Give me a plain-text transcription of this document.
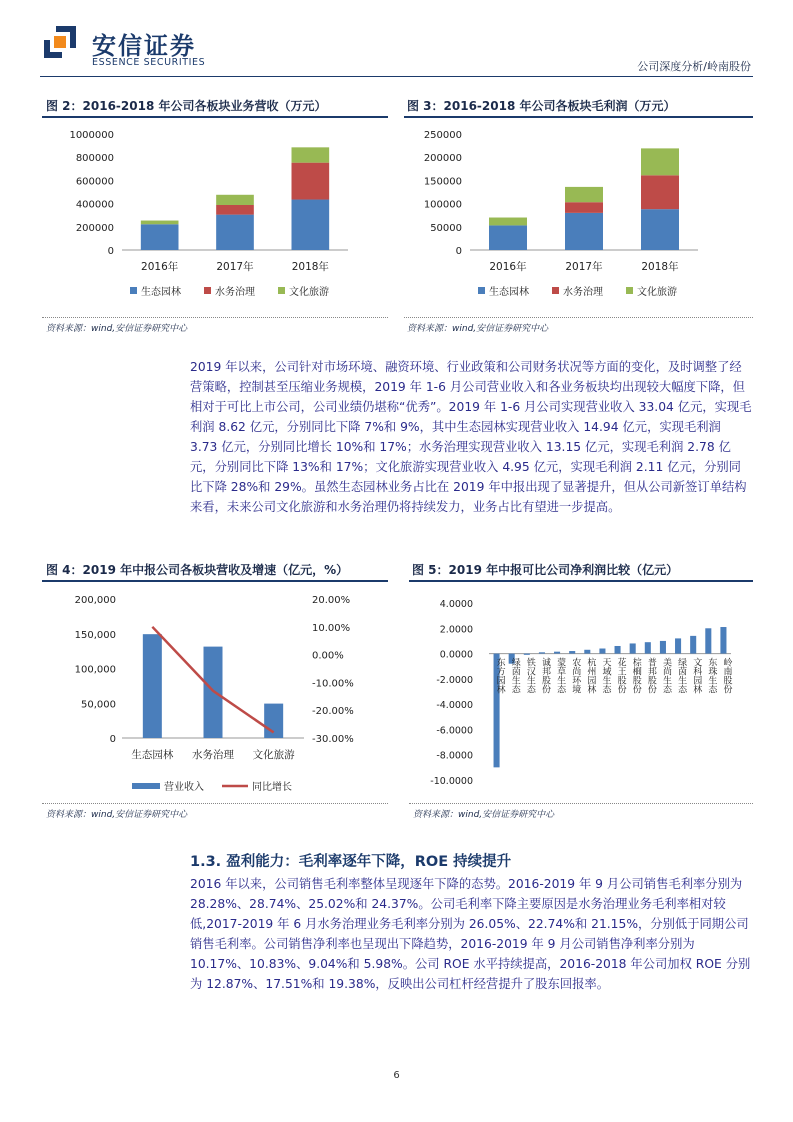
安信证券
ESSENCE SECURITIES	公司深度分析/岭南股份
图 2：2016-2018 年公司各板块业务营收（万元）
0
200000
400000
600000
800000
1000000
2016年	2017年	2018年
生态园林	水务治理	文化旅游
资料来源：wind,安信证券研究中心
图 3：2016-2018 年公司各板块毛利润（万元）
0
50000
100000
150000
200000
250000
2016年	2017年	2018年
生态园林	水务治理	文化旅游
资料来源：wind,安信证券研究中心

2019 年以来，公司针对市场环境、融资环境、行业政策和公司财务状况等方面的变化，及时调整了经营策略，控制甚至压缩业务规模，2019 年 1-6 月公司营业收入和各业务板块均出现较大幅度下降，但相对于可比上市公司，公司业绩仍堪称“优秀”。2019 年 1-6 月公司实现营业收入 33.04 亿元，实现毛利润 8.62 亿元，分别同比下降 7%和 9%，其中生态园林实现营业收入 14.94 亿元，实现毛利润 3.73 亿元，分别同比增长 10%和 17%；水务治理实现营业收入 13.15 亿元，实现毛利润 2.78 亿元，分别同比下降 13%和 17%；文化旅游实现营业收入 4.95 亿元，实现毛利润 2.11 亿元，分别同比下降 28%和 29%。虽然生态园林业务占比在 2019 年中报出现了显著提升，但从公司新签订单结构来看，未来公司文化旅游和水务治理仍将持续发力，业务占比有望进一步提高。

图 4：2019 年中报公司各板块营收及增速（亿元，%）
0
50,000
100,000
150,000
200,000
-30.00%
-20.00%
-10.00%
0.00%
10.00%
20.00%
生态园林 水务治理 文化旅游
营业收入	同比增长
资料来源：wind,安信证券研究中心
图 5：2019 年中报可比公司净利润比较（亿元）
-10.0000
-8.0000
-6.0000
-4.0000
-2.0000
0.0000
2.0000
4.0000
东方园林 绿茵生态 铁汉生态 诚邦股份 蒙草生态 农尚环境 杭州园林 天域生态 花王股份 棕榈股份 普邦股份 美尚生态 绿茵生态 文科园林 东珠生态 岭南股份
资料来源：wind,安信证券研究中心
1.3. 盈利能力：毛利率逐年下降，ROE 持续提升

2016 年以来，公司销售毛利率整体呈现逐年下降的态势。2016-2019 年 9 月公司销售毛利率分别为 28.28%、28.74%、25.02%和 24.37%。公司毛利率下降主要原因是水务治理业务毛利率相对较低,2017-2019 年 6 月水务治理业务毛利率分别为 26.05%、22.74%和 21.15%，分别低于同期公司销售毛利率。公司销售净利率也呈现出下降趋势，2016-2019 年 9 月公司销售净利率分别为 10.17%、10.83%、9.04%和 5.98%。公司 ROE 水平持续提高，2016-2018 年公司加权 ROE 分别为 12.87%、17.51%和 19.38%，反映出公司杠杆经营提升了股东回报率。

6
